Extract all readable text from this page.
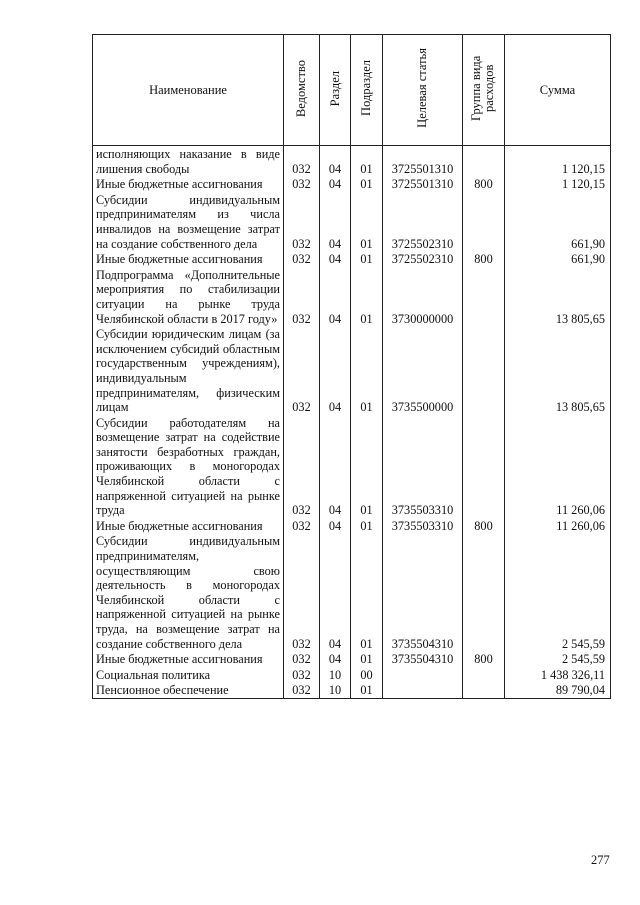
Наименование	Ведомство	Раздел	Подраздел	Целевая статья	Группа вида расходов	Сумма

исполняющих наказание в виде лишения свободы	032	04	01	3725501310		1 120,15

Иные бюджетные ассигнования	032	04	01	3725501310	800	1 120,15

Субсидии индивидуальным предпринимателям из числа инвалидов на возмещение затрат на создание собственного дела	032	04	01	3725502310		661,90

Иные бюджетные ассигнования	032	04	01	3725502310	800	661,90

Подпрограмма «Дополнительные мероприятия по стабилизации ситуации на рынке труда Челябинской области в 2017 году»	032	04	01	3730000000		13 805,65

Субсидии юридическим лицам (за исключением субсидий областным государственным учреждениям), индивидуальным предпринимателям, физическим лицам	032	04	01	3735500000		13 805,65

Субсидии работодателям на возмещение затрат на содействие занятости безработных граждан, проживающих в моногородах Челябинской области с напряженной ситуацией на рынке труда	032	04	01	3735503310		11 260,06

Иные бюджетные ассигнования	032	04	01	3735503310	800	11 260,06

Субсидии индивидуальным предпринимателям, осуществляющим свою деятельность в моногородах Челябинской области с напряженной ситуацией на рынке труда, на возмещение затрат на создание собственного дела	032	04	01	3735504310		2 545,59

Иные бюджетные ассигнования	032	04	01	3735504310	800	2 545,59

Социальная политика	032	10	00			1 438 326,11

Пенсионное обеспечение	032	10	01			89 790,04
277
